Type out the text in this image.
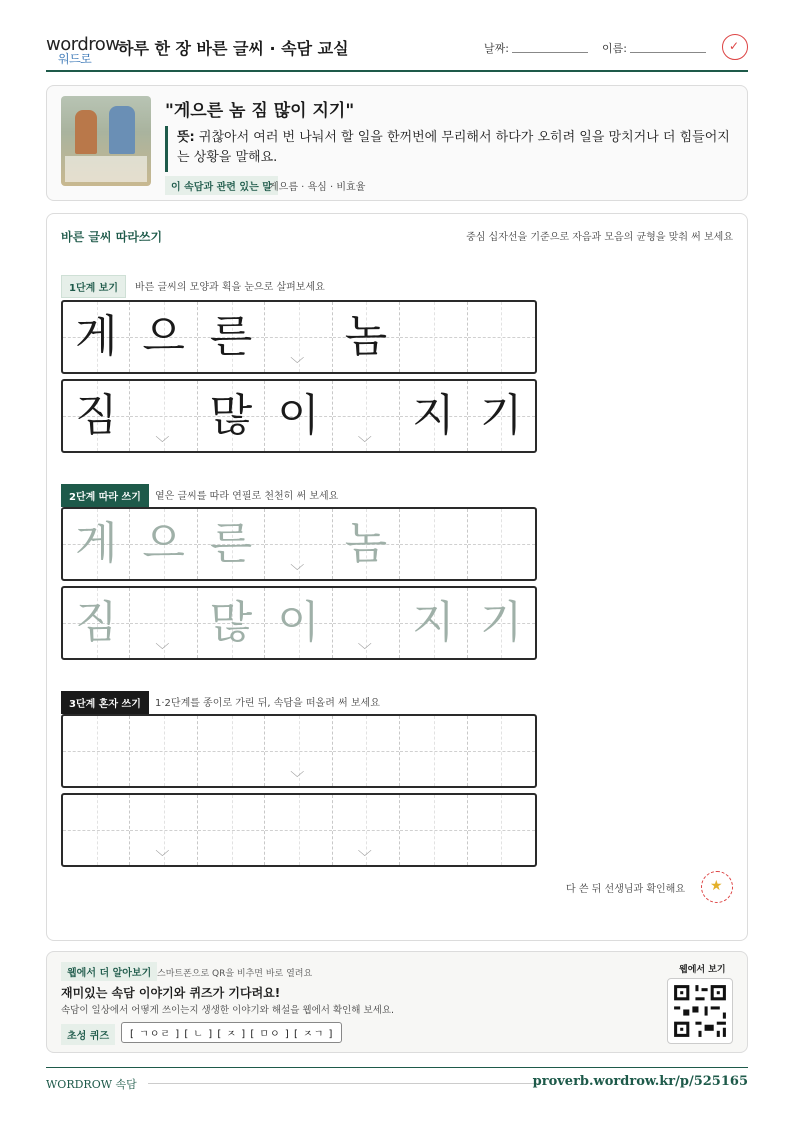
wordrow
워드로
하루 한 장 바른 글씨 · 속담 교실	날짜:	이름:	✓
"게으른 놈 짐 많이 지기"
뜻: 귀찮아서 여러 번 나눠서 할 일을 한꺼번에 무리해서 하다가 오히려 일을 망치거나 더 힘들어지는 상황을 말해요.
이 속담과 관련 있는 말
게으름 · 욕심 · 비효율
바른 글씨 따라쓰기	중심 십자선을 기준으로 자음과 모음의 균형을 맞춰 써 보세요
1단계 보기	바른 글씨의 모양과 획을 눈으로 살펴보세요
게 으 른
﹀
놈
짐
﹀
많 이
﹀
지 기
2단계 따라 쓰기	옅은 글씨를 따라 연필로 천천히 써 보세요
게 으 른
﹀
놈
짐
﹀
많 이
﹀
지 기
3단계 혼자 쓰기	1·2단계를 종이로 가린 뒤, 속담을 떠올려 써 보세요
﹀
﹀	﹀
다 쓴 뒤 선생님과 확인해요 ★
웹에서 더 알아보기 스마트폰으로 QR을 비추면 바로 열려요
재미있는 속담 이야기와 퀴즈가 기다려요!
속담이 일상에서 어떻게 쓰이는지 생생한 이야기와 해설을 웹에서 확인해 보세요.
초성 퀴즈	[ ㄱㅇㄹ ] [ ㄴ ] [ ㅈ ] [ ㅁㅇ ] [ ㅈㄱ ]
웹에서 보기
WORDROW 속담	proverb.wordrow.kr/p/525165
